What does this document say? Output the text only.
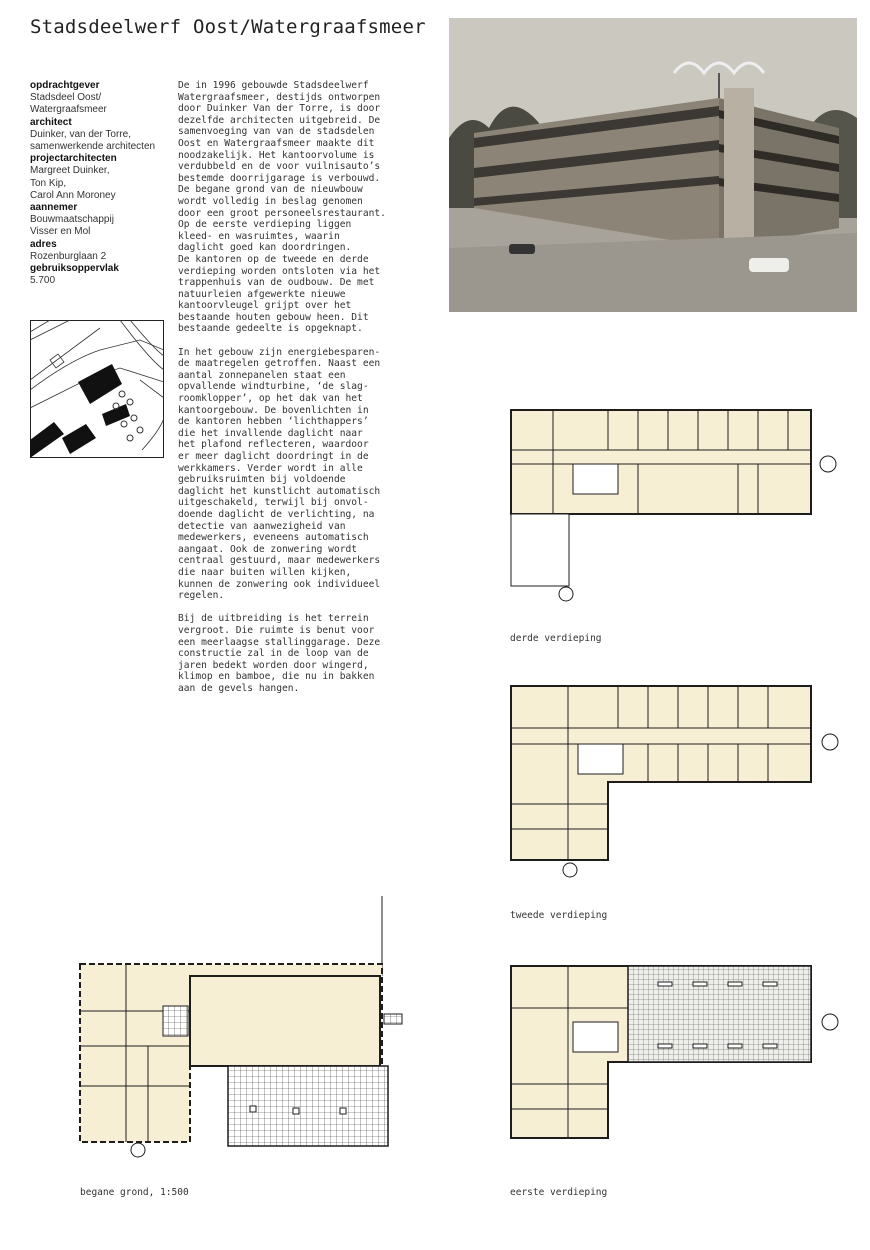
Stadsdeelwerf Oost/Watergraafsmeer
opdrachtgever
Stadsdeel Oost/
Watergraafsmeer
architect
Duinker, van der Torre,
samenwerkende architecten
projectarchitecten
Margreet Duinker,
Ton Kip,
Carol Ann Moroney
aannemer
Bouwmaatschappij
Visser en Mol
adres
Rozenburglaan 2
gebruiksoppervlak
5.700

De in 1996 gebouwde Stadsdeelwerf
Watergraafsmeer, destijds ontworpen
door Duinker Van der Torre, is door
dezelfde architecten uitgebreid. De
samenvoeging van van de stadsdelen
Oost en Watergraafsmeer maakte dit
noodzakelijk. Het kantoorvolume is
verdubbeld en de voor vuilnisauto’s
bestemde doorrijgarage is verbouwd.
De begane grond van de nieuwbouw
wordt volledig in beslag genomen
door een groot personeelsrestaurant.
Op de eerste verdieping liggen
kleed- en wasruimtes, waarin
daglicht goed kan doordringen.
De kantoren op de tweede en derde
verdieping worden ontsloten via het
trappenhuis van de oudbouw. De met
natuurleien afgewerkte nieuwe
kantoorvleugel grijpt over het
bestaande houten gebouw heen. Dit
bestaande gedeelte is opgeknapt.

In het gebouw zijn energiebesparen-
de maatregelen getroffen. Naast een
aantal zonnepanelen staat een
opvallende windturbine, ‘de slag-
roomklopper’, op het dak van het
kantoorgebouw. De bovenlichten in
de kantoren hebben ‘lichthappers’
die het invallende daglicht naar
het plafond reflecteren, waardoor
er meer daglicht doordringt in de
werkkamers. Verder wordt in alle
gebruiksruimten bij voldoende
daglicht het kunstlicht automatisch
uitgeschakeld, terwijl bij onvol-
doende daglicht de verlichting, na
detectie van aanwezigheid van
medewerkers, eveneens automatisch
aangaat. Ook de zonwering wordt
centraal gestuurd, maar medewerkers
die naar buiten willen kijken,
kunnen de zonwering ook individueel
regelen.

Bij de uitbreiding is het terrein
vergroot. Die ruimte is benut voor
een meerlaagse stallinggarage. Deze
constructie zal in de loop van de
jaren bedekt worden door wingerd,
klimop en bamboe, die nu in bakken
aan de gevels hangen.

derde verdieping
tweede verdieping
begane grond, 1:500	eerste verdieping
